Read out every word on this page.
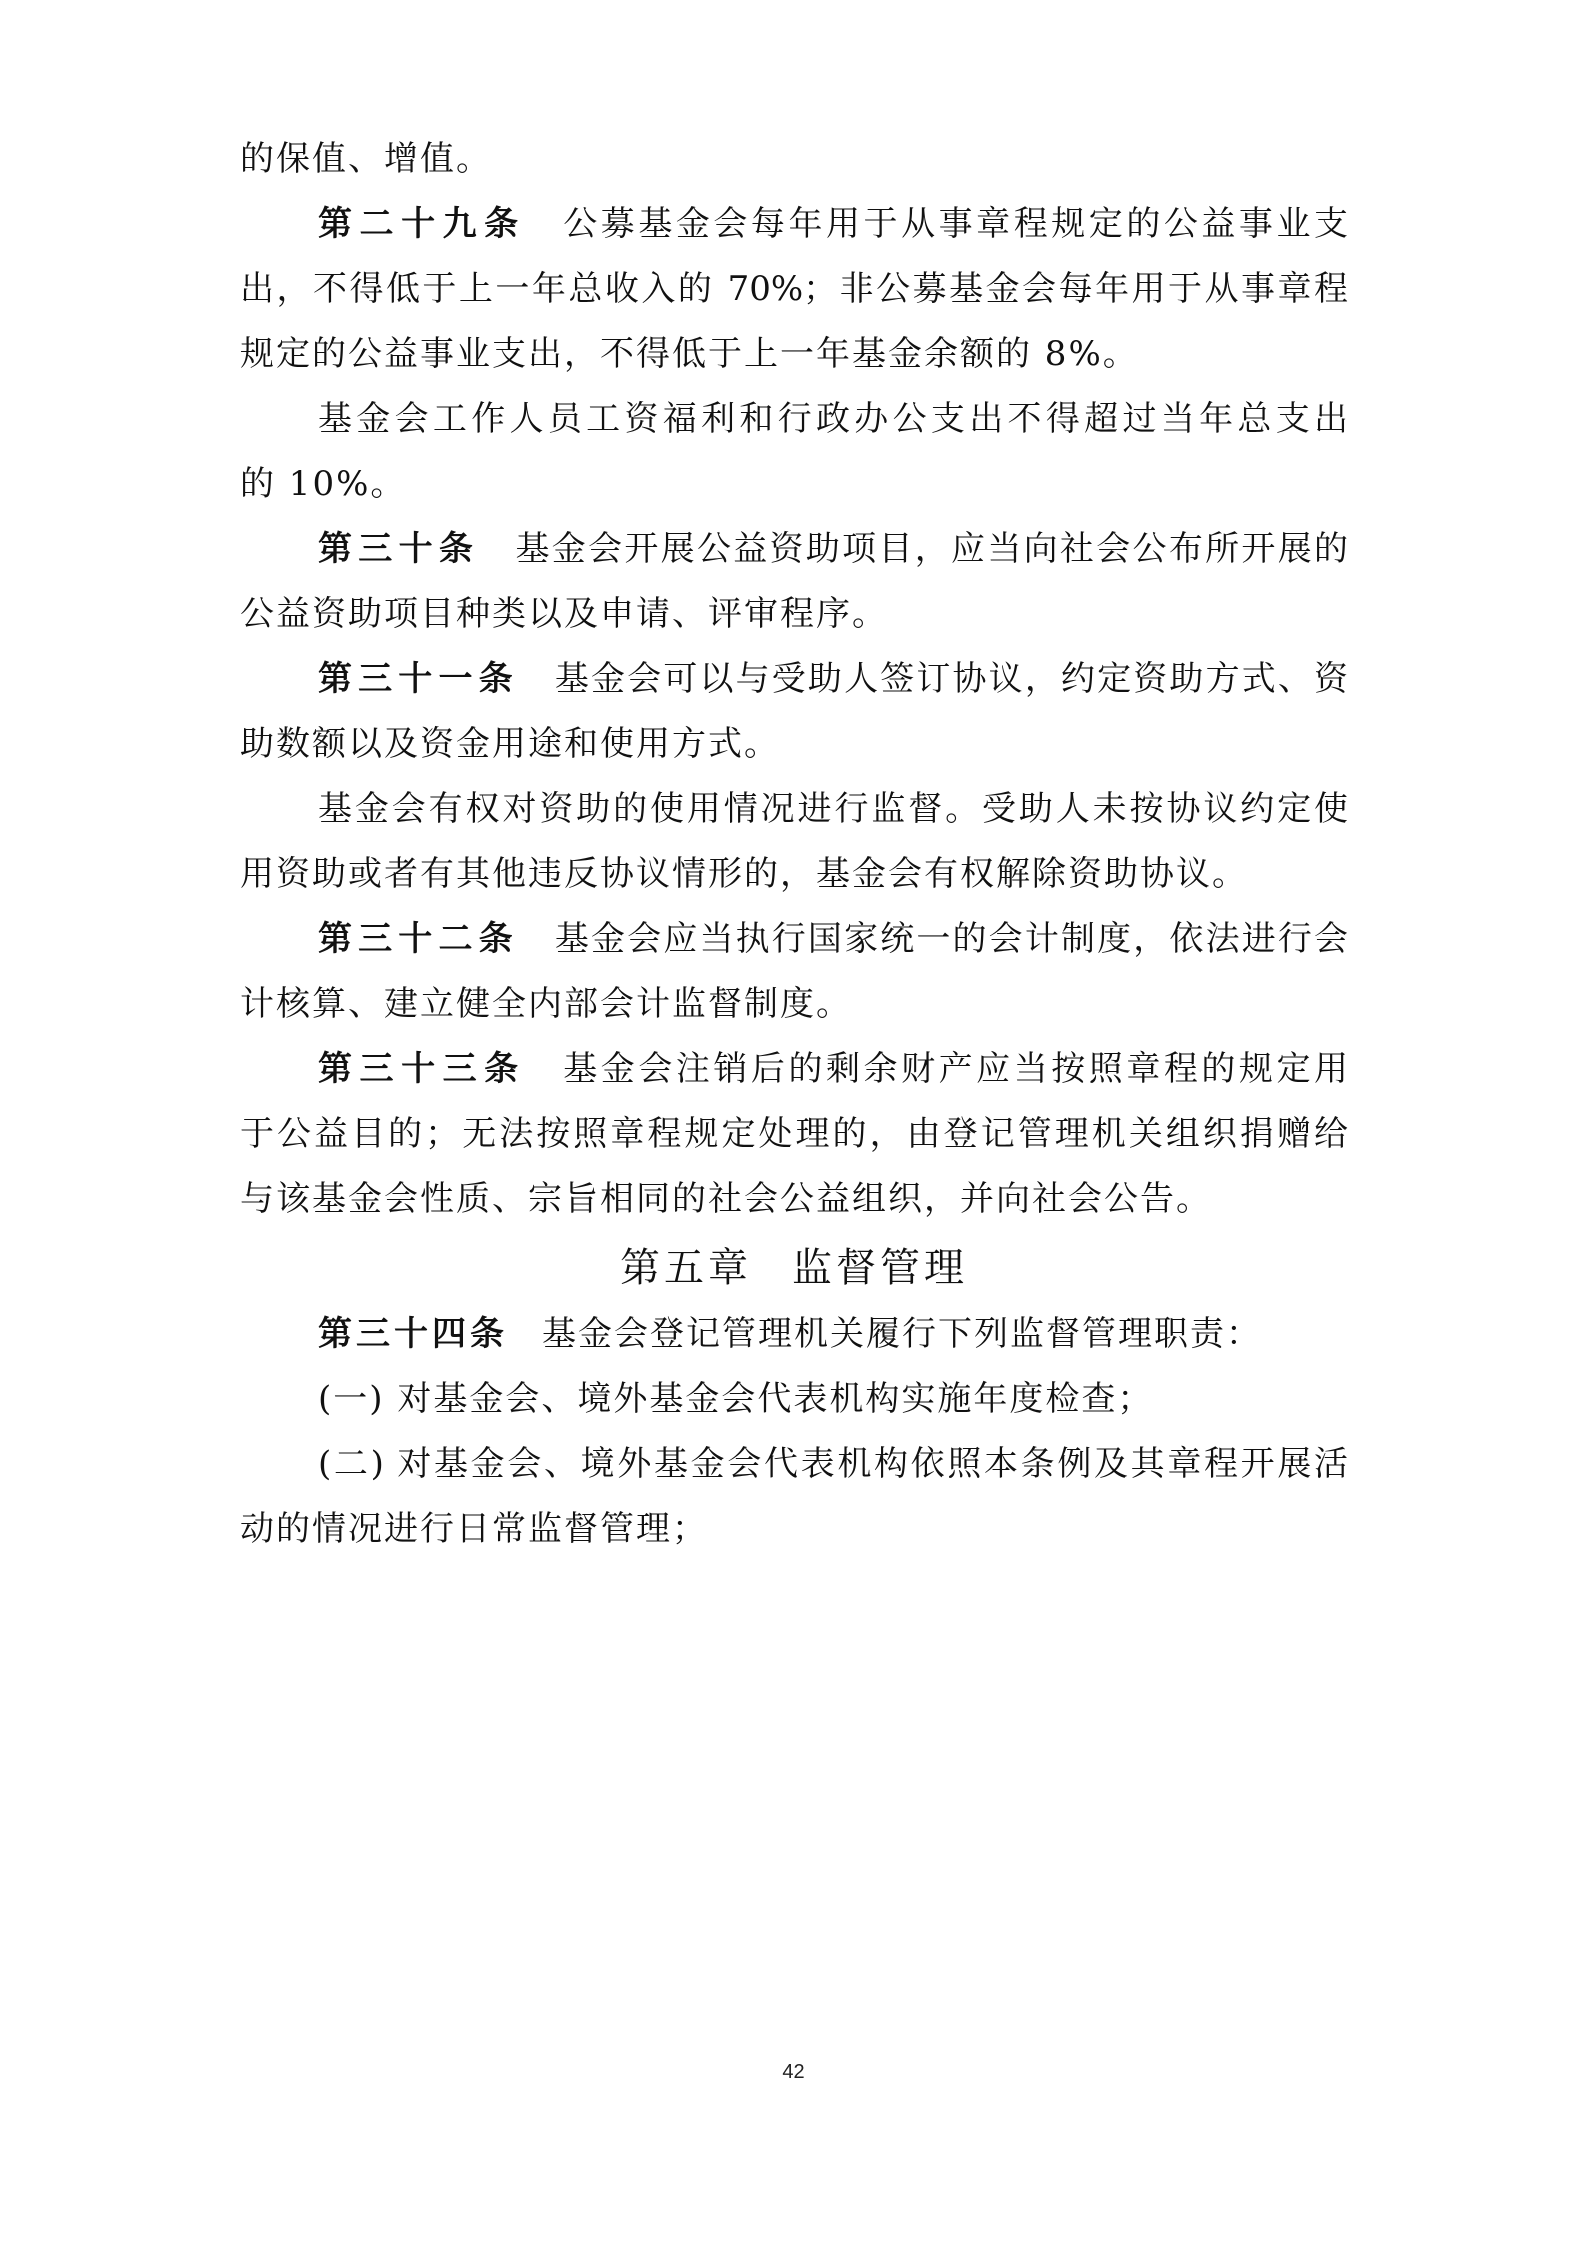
的保值、增值。
第二十九条 公募基金会每年用于从事章程规定的公益事业支
出，不得低于上一年总收入的 70%；非公募基金会每年用于从事章程
规定的公益事业支出，不得低于上一年基金余额的 8%。
基金会工作人员工资福利和行政办公支出不得超过当年总支出
的 10%。
第三十条 基金会开展公益资助项目，应当向社会公布所开展的
公益资助项目种类以及申请、评审程序。
第三十一条 基金会可以与受助人签订协议，约定资助方式、资
助数额以及资金用途和使用方式。
基金会有权对资助的使用情况进行监督。受助人未按协议约定使
用资助或者有其他违反协议情形的，基金会有权解除资助协议。
第三十二条 基金会应当执行国家统一的会计制度，依法进行会
计核算、建立健全内部会计监督制度。
第三十三条 基金会注销后的剩余财产应当按照章程的规定用
于公益目的；无法按照章程规定处理的，由登记管理机关组织捐赠给
与该基金会性质、宗旨相同的社会公益组织，并向社会公告。
第五章 监督管理
第三十四条 基金会登记管理机关履行下列监督管理职责：
(一) 对基金会、境外基金会代表机构实施年度检查；
(二) 对基金会、境外基金会代表机构依照本条例及其章程开展活
动的情况进行日常监督管理；
42
